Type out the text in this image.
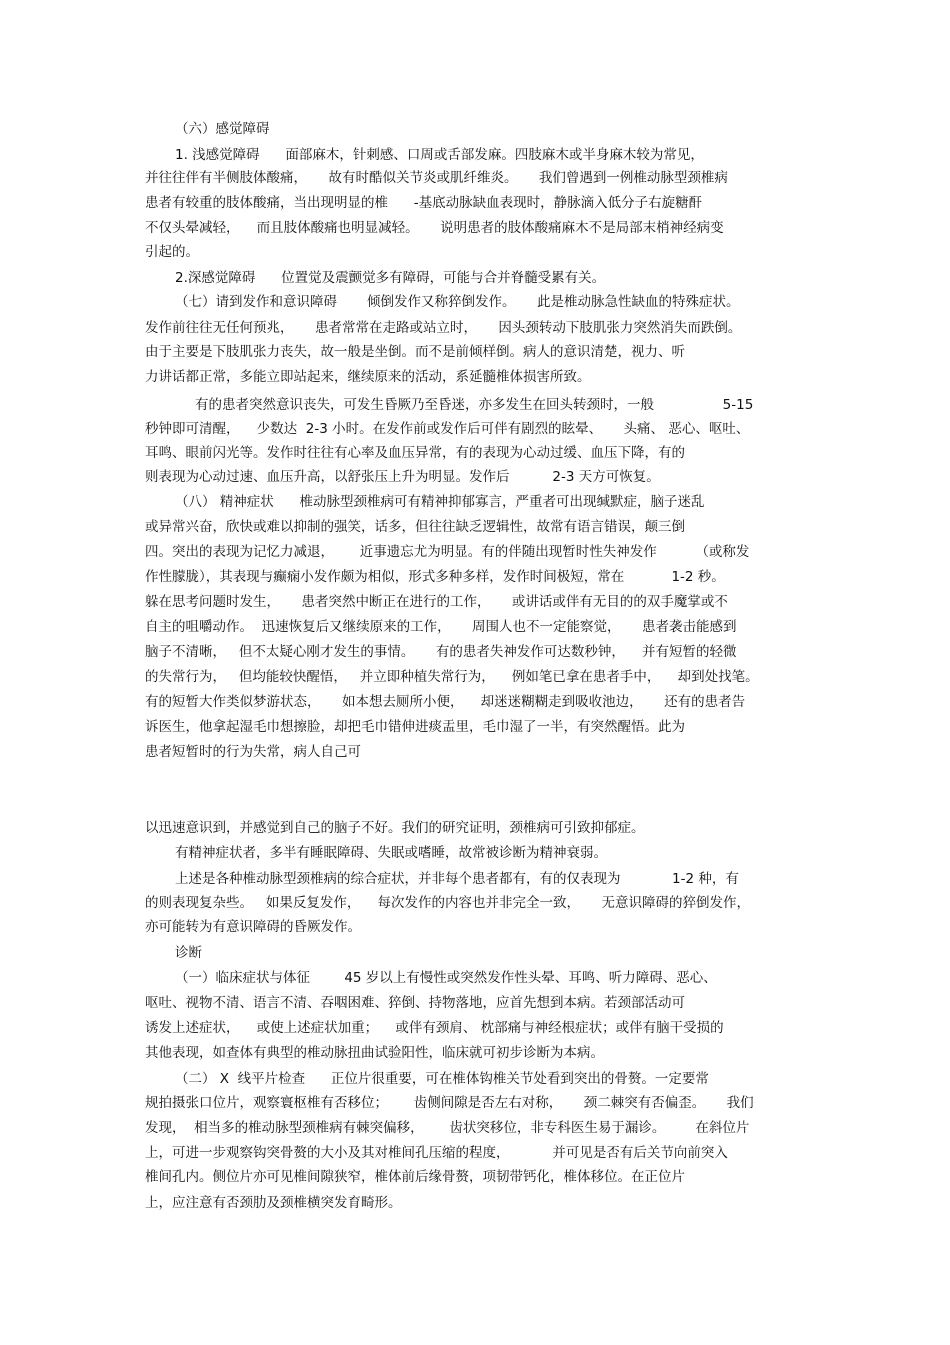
（六）感觉障碍
1. 浅感觉障碍      面部麻木，针刺感、口周或舌部发麻。四肢麻木或半身麻木较为常见，
并往往伴有半侧肢体酸痛，     故有时酷似关节炎或肌纤维炎。     我们曾遇到一例椎动脉型颈椎病
患者有较重的肢体酸痛，当出现明显的椎      -基底动脉缺血表现时，静脉滴入低分子右旋糖酐
不仅头晕减轻，    而且肢体酸痛也明显减轻。     说明患者的肢体酸痛麻木不是局部末梢神经病变
引起的。
2.深感觉障碍      位置觉及震颤觉多有障碍，可能与合并脊髓受累有关。
（七）请到发作和意识障碍       倾倒发作又称猝倒发作。     此是椎动脉急性缺血的特殊症状。
发作前往往无任何预兆，     患者常常在走路或站立时，     因头颈转动下肢肌张力突然消失而跌倒。
由于主要是下肢肌张力丧失，故一般是坐倒。而不是前倾样倒。病人的意识清楚，视力、听
力讲话都正常，多能立即站起来，继续原来的活动，系延髓椎体损害所致。
有的患者突然意识丧失，可发生昏厥乃至昏迷，亦多发生在回头转颈时，一般                5-15
秒钟即可清醒，    少数达  2-3 小时。在发作前或发作后可伴有剧烈的眩晕、     头痛、 恶心、呕吐、
耳鸣、眼前闪光等。发作时往往有心率及血压异常，有的表现为心动过缓、血压下降，有的
则表现为心动过速、血压升高，以舒张压上升为明显。发作后          2-3 天方可恢复。
（八） 精神症状      椎动脉型颈椎病可有精神抑郁寡言，严重者可出现缄默症，脑子迷乱
或异常兴奋，欣快或难以抑制的强笑，话多，但往往缺乏逻辑性，故常有语言错误，颠三倒
四。突出的表现为记忆力减退，      近事遗忘尤为明显。有的伴随出现暂时性失神发作         （或称发
作性朦胧），其表现与癫痫小发作颇为相似，形式多种多样，发作时间极短，常在           1-2 秒。
躲在思考问题时发生，     患者突然中断正在进行的工作，     或讲话或伴有无目的的双手魔掌或不
自主的咀嚼动作。  迅速恢复后又继续原来的工作，     周围人也不一定能察觉，     患者袭击能感到
脑子不清晰，   但不太疑心刚才发生的事情。     有的患者失神发作可达数秒钟，    并有短暂的轻微
的失常行为，   但均能较快醒悟，   并立即种植失常行为，    例如笔已拿在患者手中，    却到处找笔。
有的短暂大作类似梦游状态，     如本想去厕所小便，    却迷迷糊糊走到吸收池边，     还有的患者告
诉医生，他拿起湿毛巾想擦脸，却把毛巾错伸进痰盂里，毛巾湿了一半，有突然醒悟。此为
患者短暂时的行为失常，病人自己可
以迅速意识到，并感觉到自己的脑子不好。我们的研究证明，颈椎病可引致抑郁症。
有精神症状者，多半有睡眠障碍、失眠或嗜睡，故常被诊断为精神衰弱。
上述是各种椎动脉型颈椎病的综合症状，并非每个患者都有，有的仅表现为            1-2 种，有
的则表现复杂些。   如果反复发作，    每次发作的内容也并非完全一致，     无意识障碍的猝倒发作，
亦可能转为有意识障碍的昏厥发作。
诊断
（一）临床症状与体征        45 岁以上有慢性或突然发作性头晕、耳鸣、听力障碍、恶心、
呕吐、视物不清、语言不清、吞咽困难、猝倒、持物落地，应首先想到本病。若颈部活动可
诱发上述症状，    或使上述症状加重；    或伴有颈肩、 枕部痛与神经根症状；或伴有脑干受损的
其他表现，如查体有典型的椎动脉扭曲试验阳性，临床就可初步诊断为本病。
（二） X  线平片检查      正位片很重要，可在椎体钩椎关节处看到突出的骨赘。一定要常
规拍摄张口位片，观察寰枢椎有否移位；      齿侧间隙是否左右对称，     颈二棘突有否偏歪。     我们
发现，  相当多的椎动脉型颈椎病有棘突偏移，      齿状突移位，非专科医生易于漏诊。       在斜位片
上，可进一步观察钩突骨赘的大小及其对椎间孔压缩的程度，          并可见是否有后关节向前突入
椎间孔内。侧位片亦可见椎间隙狭窄，椎体前后缘骨赘，项韧带钙化，椎体移位。在正位片
上，应注意有否颈肋及颈椎横突发育畸形。
